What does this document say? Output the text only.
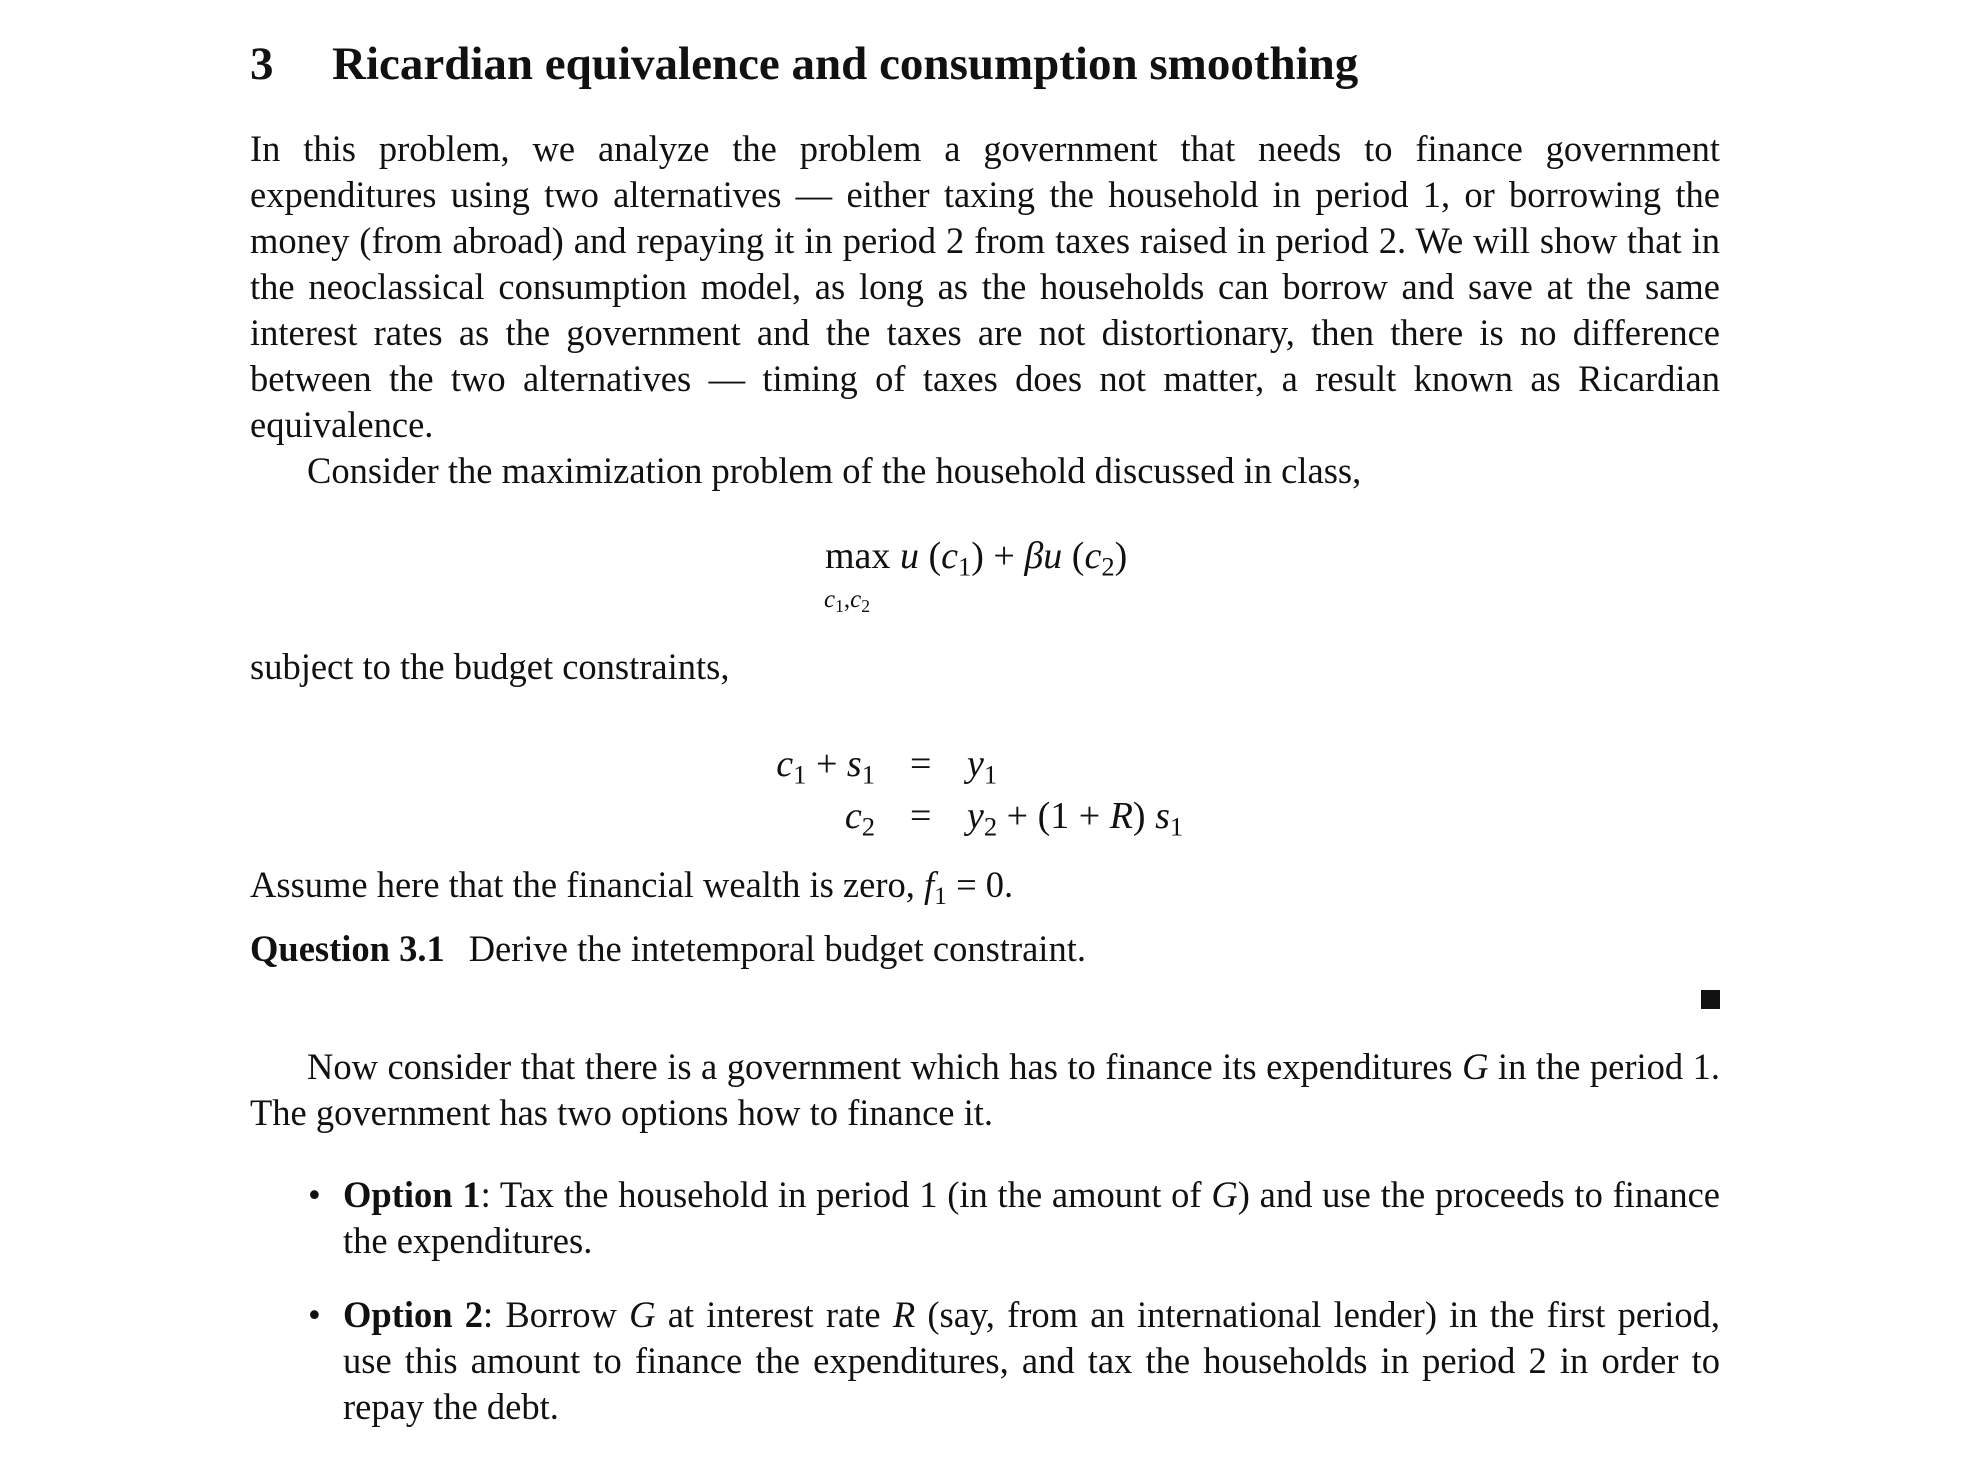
3 Ricardian equivalence and consumption smoothing

In this problem, we analyze the problem a government that needs to finance government expenditures using two alternatives — either taxing the household in period 1, or borrowing the money (from abroad) and repaying it in period 2 from taxes raised in period 2. We will show that in the neoclassical consumption model, as long as the households can borrow and save at the same interest rates as the government and the taxes are not distortionary, then there is no difference between the two alternatives — timing of taxes does not matter, a result known as Ricardian equivalence.

Consider the maximization problem of the household discussed in class,

max u $(c_1) + \beta u$ $(c_2)$
$c_1,c_2$

subject to the budget constraints,

$c_1 + s_1 = y_1$
$c_2 = y_2 + (1 + R)$ $s_1$

Assume here that the financial wealth is zero, $f_1 = 0$.

Question 3.1 Derive the intetemporal budget constraint.

Now consider that there is a government which has to finance its expenditures G in the period 1. The government has two options how to finance it.

• Option 1: Tax the household in period 1 (in the amount of G) and use the proceeds to finance the expenditures.
• Option 2: Borrow G at interest rate R (say, from an international lender) in the first period, use this amount to finance the expenditures, and tax the households in period 2 in order to repay the debt.
